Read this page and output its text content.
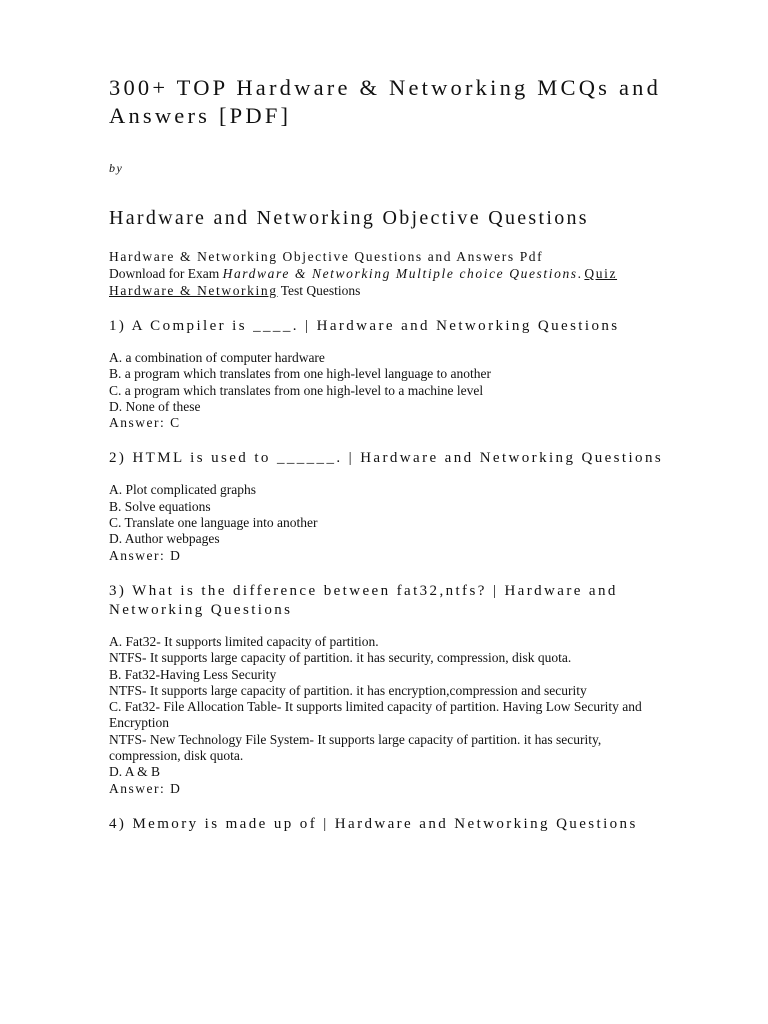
300+ TOP Hardware & Networking MCQs and Answers [PDF]
by
Hardware and Networking Objective Questions
Hardware & Networking Objective Questions and Answers Pdf
Download for Exam Hardware & Networking Multiple choice Questions. Quiz Hardware & Networking Test Questions
1) A Compiler is ____. | Hardware and Networking Questions
A. a combination of computer hardware
B. a program which translates from one high-level language to another
C. a program which translates from one high-level to a machine level
D. None of these
Answer: C
2) HTML is used to ______. | Hardware and Networking Questions
A. Plot complicated graphs
B. Solve equations
C. Translate one language into another
D. Author webpages
Answer: D
3) What is the difference between fat32,ntfs? | Hardware and Networking Questions
A. Fat32- It supports limited capacity of partition.
NTFS- It supports large capacity of partition. it has security, compression, disk quota.
B. Fat32-Having Less Security
NTFS- It supports large capacity of partition. it has encryption,compression and security
C. Fat32- File Allocation Table- It supports limited capacity of partition. Having Low Security and Encryption
NTFS- New Technology File System- It supports large capacity of partition. it has security, compression, disk quota.
D. A & B
Answer: D
4) Memory is made up of | Hardware and Networking Questions
